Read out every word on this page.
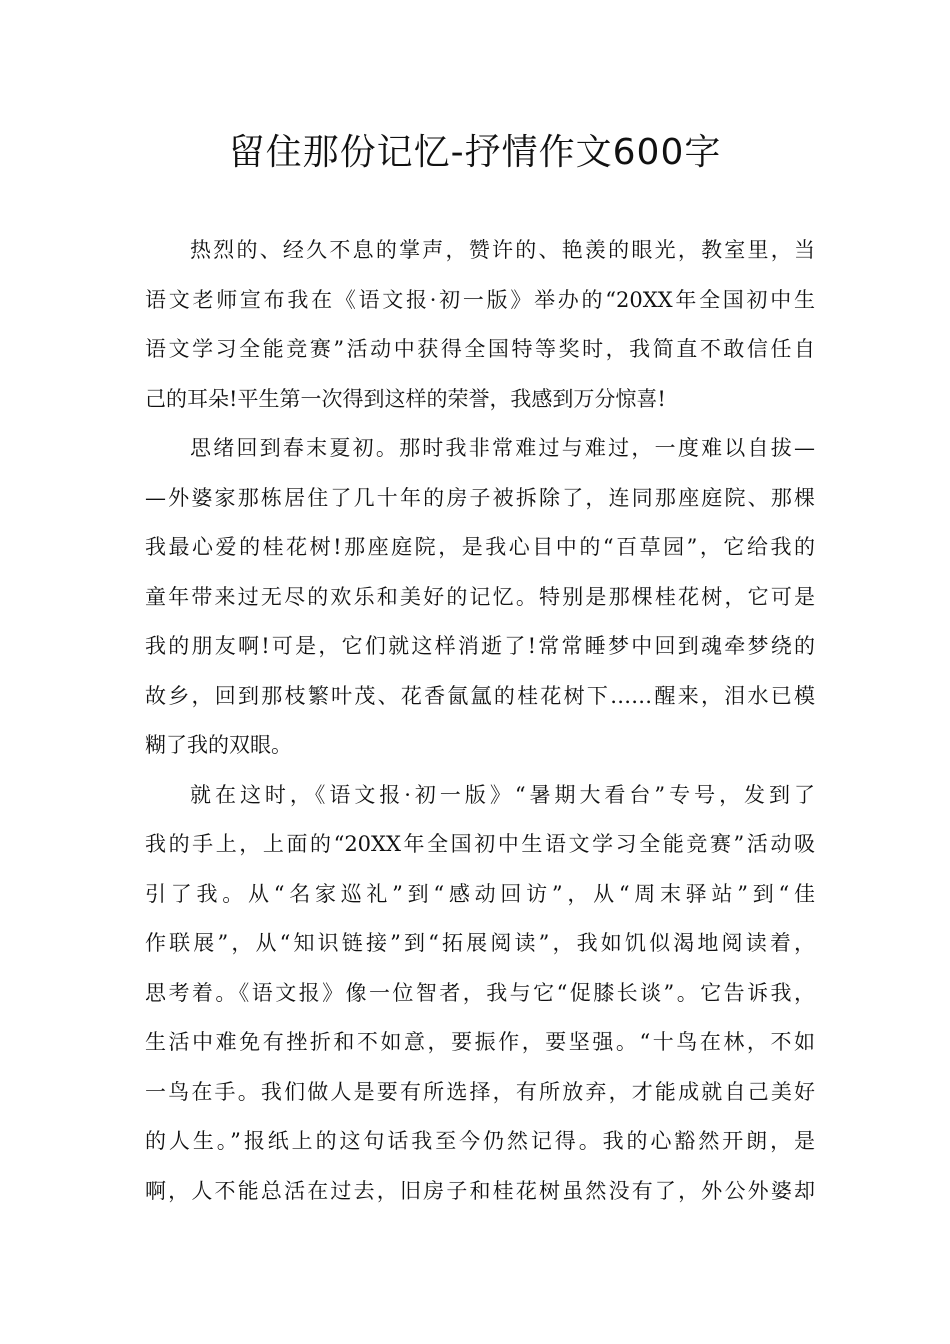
留住那份记忆-抒情作文600字
热烈的、经久不息的掌声，赞许的、艳羡的眼光，教室里，当
语文老师宣布我在《语文报·初一版》举办的“20XX年全国初中生
语文学习全能竞赛”活动中获得全国特等奖时，我简直不敢信任自
己的耳朵!平生第一次得到这样的荣誉，我感到万分惊喜!
思绪回到春末夏初。那时我非常难过与难过，一度难以自拔—
—外婆家那栋居住了几十年的房子被拆除了，连同那座庭院、那棵
我最心爱的桂花树!那座庭院，是我心目中的“百草园”，它给我的
童年带来过无尽的欢乐和美好的记忆。特别是那棵桂花树，它可是
我的朋友啊!可是，它们就这样消逝了!常常睡梦中回到魂牵梦绕的
故乡，回到那枝繁叶茂、花香氤氲的桂花树下……醒来，泪水已模
糊了我的双眼。
就在这时，《语文报·初一版》“暑期大看台”专号，发到了
我的手上，上面的“20XX年全国初中生语文学习全能竞赛”活动吸
引了我。从“名家巡礼”到“感动回访”，从“周末驿站”到“佳
作联展”，从“知识链接”到“拓展阅读”，我如饥似渴地阅读着，
思考着。《语文报》像一位智者，我与它“促膝长谈”。它告诉我，
生活中难免有挫折和不如意，要振作，要坚强。“十鸟在林，不如
一鸟在手。我们做人是要有所选择，有所放弃，才能成就自己美好
的人生。”报纸上的这句话我至今仍然记得。我的心豁然开朗，是
啊，人不能总活在过去，旧房子和桂花树虽然没有了，外公外婆却
